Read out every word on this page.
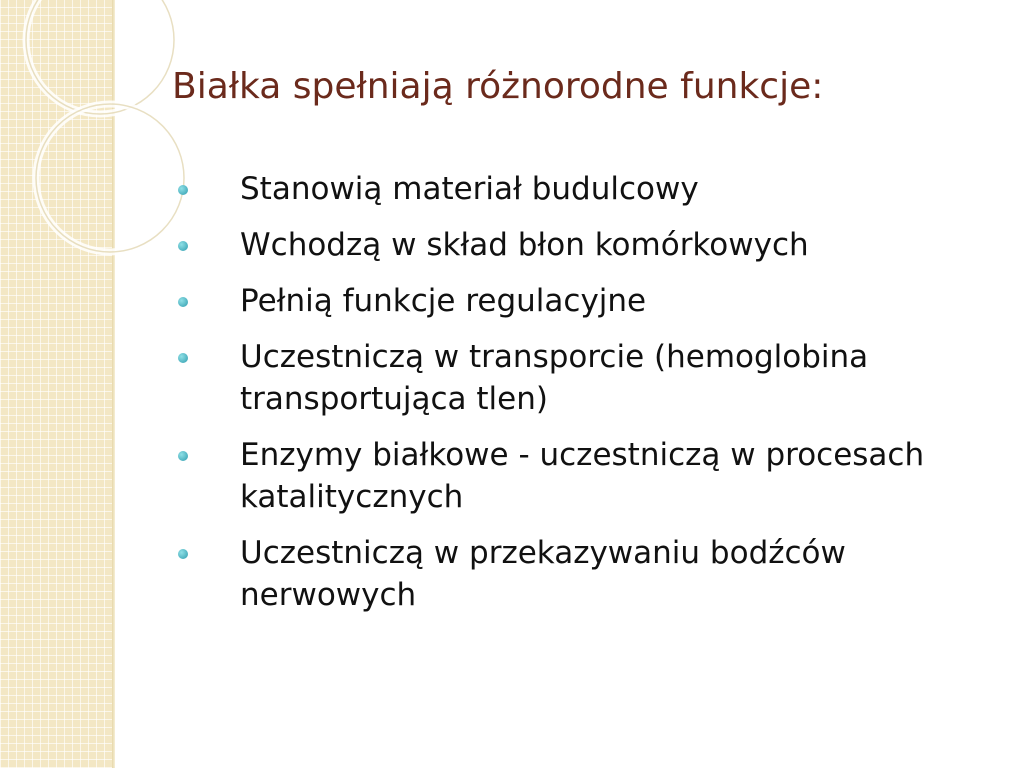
Białka spełniają różnorodne funkcje:
Stanowią materiał budulcowy
Wchodzą w skład błon komórkowych
Pełnią funkcje regulacyjne
Uczestniczą w transporcie (hemoglobina transportująca tlen)
Enzymy białkowe - uczestniczą w procesach katalitycznych
Uczestniczą w przekazywaniu bodźców nerwowych
